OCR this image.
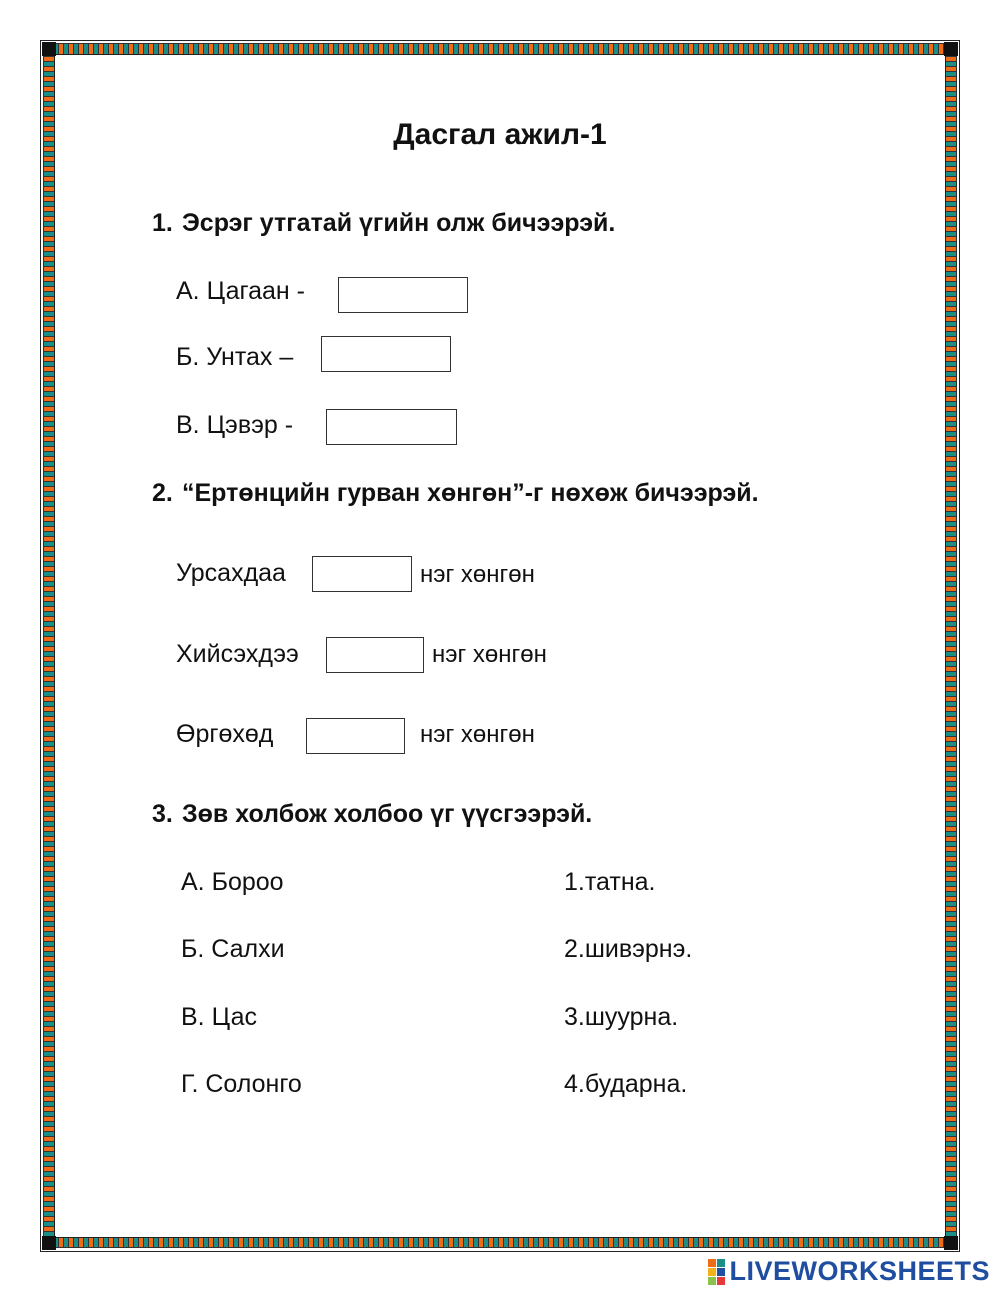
Дасгал ажил-1
1. Эсрэг утгатай үгийн олж бичээрэй.
А. Цагаан -
Б. Унтах –
В. Цэвэр -
2. “Ертөнцийн гурван хөнгөн”-г нөхөж бичээрэй.
Урсахдаа	нэг хөнгөн
Хийсэхдээ	нэг хөнгөн
Өргөхөд	нэг хөнгөн
3. Зөв холбож холбоо үг үүсгээрэй.
А. Бороо	1.татна.
Б. Салхи	2.шивэрнэ.
В. Цас	3.шуурна.
Г. Солонго	4.бударна.
LIVEWORKSHEETS
